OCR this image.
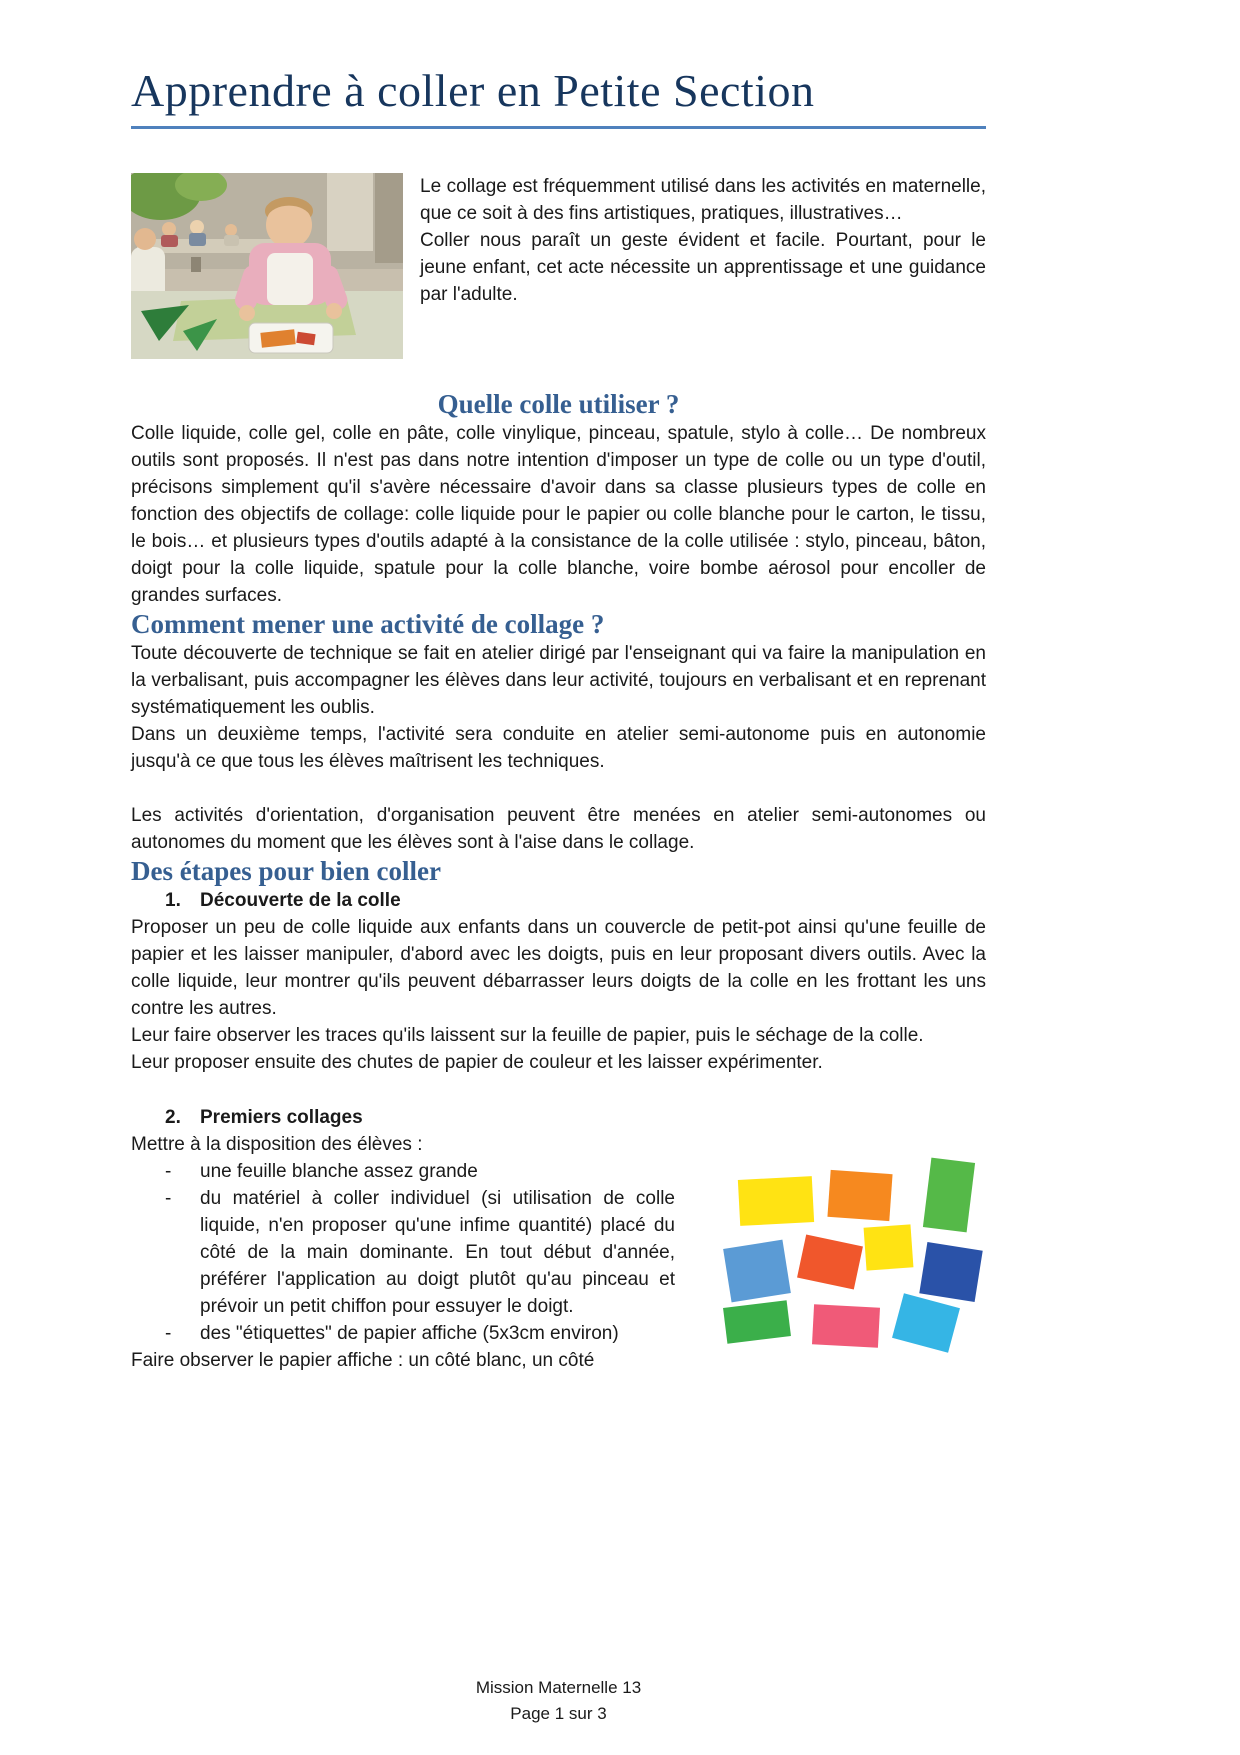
Apprendre à coller en Petite Section

Le collage est fréquemment utilisé dans les activités en maternelle, que ce soit à des fins artistiques, pratiques, illustratives…

Coller nous paraît un geste évident et facile. Pourtant, pour le jeune enfant, cet acte nécessite un apprentissage et une guidance par l'adulte.

Quelle colle utiliser ?

Colle liquide, colle gel, colle en pâte, colle vinylique, pinceau, spatule, stylo à colle… De nombreux outils sont proposés. Il n'est pas dans notre intention d'imposer un type de colle ou un type d'outil, précisons simplement qu'il s'avère nécessaire d'avoir dans sa classe plusieurs types de colle en fonction des objectifs de collage: colle liquide pour le papier ou colle blanche pour le carton, le tissu, le bois… et plusieurs types d'outils adapté à la consistance de la colle utilisée : stylo, pinceau, bâton, doigt pour la colle liquide, spatule pour la colle blanche, voire bombe aérosol pour encoller de grandes surfaces.

Comment mener une activité de collage ?

Toute découverte de technique se fait en atelier dirigé par l'enseignant qui va faire la manipulation en la verbalisant, puis accompagner les élèves dans leur activité, toujours en verbalisant et en reprenant systématiquement les oublis.

Dans un deuxième temps, l'activité sera conduite en atelier semi-autonome puis en autonomie jusqu'à ce que tous les élèves maîtrisent les techniques.

Les activités d'orientation, d'organisation peuvent être menées en atelier semi-autonomes ou autonomes du moment que les élèves sont à l'aise dans le collage.

Des étapes pour bien coller

1. Découverte de la colle

Proposer un peu de colle liquide aux enfants dans un couvercle de petit-pot ainsi qu'une feuille de papier et les laisser manipuler, d'abord avec les doigts, puis en leur proposant divers outils. Avec la colle liquide, leur montrer qu'ils peuvent débarrasser leurs doigts de la colle en les frottant les uns contre les autres.

Leur faire observer les traces qu'ils laissent sur la feuille de papier, puis le séchage de la colle.

Leur proposer ensuite des chutes de papier de couleur et les laisser expérimenter.

2. Premiers collages

Mettre à la disposition des élèves :

-	une feuille blanche assez grande
-	du matériel à coller individuel (si utilisation de colle liquide, n'en proposer qu'une infime quantité) placé du côté de la main dominante. En tout début d'année, préférer l'application au doigt plutôt qu'au pinceau et prévoir un petit chiffon pour essuyer le doigt.
-	des "étiquettes" de papier affiche (5x3cm environ)

Faire observer le papier affiche : un côté blanc, un côté

Mission Maternelle 13

Page 1 sur 3
